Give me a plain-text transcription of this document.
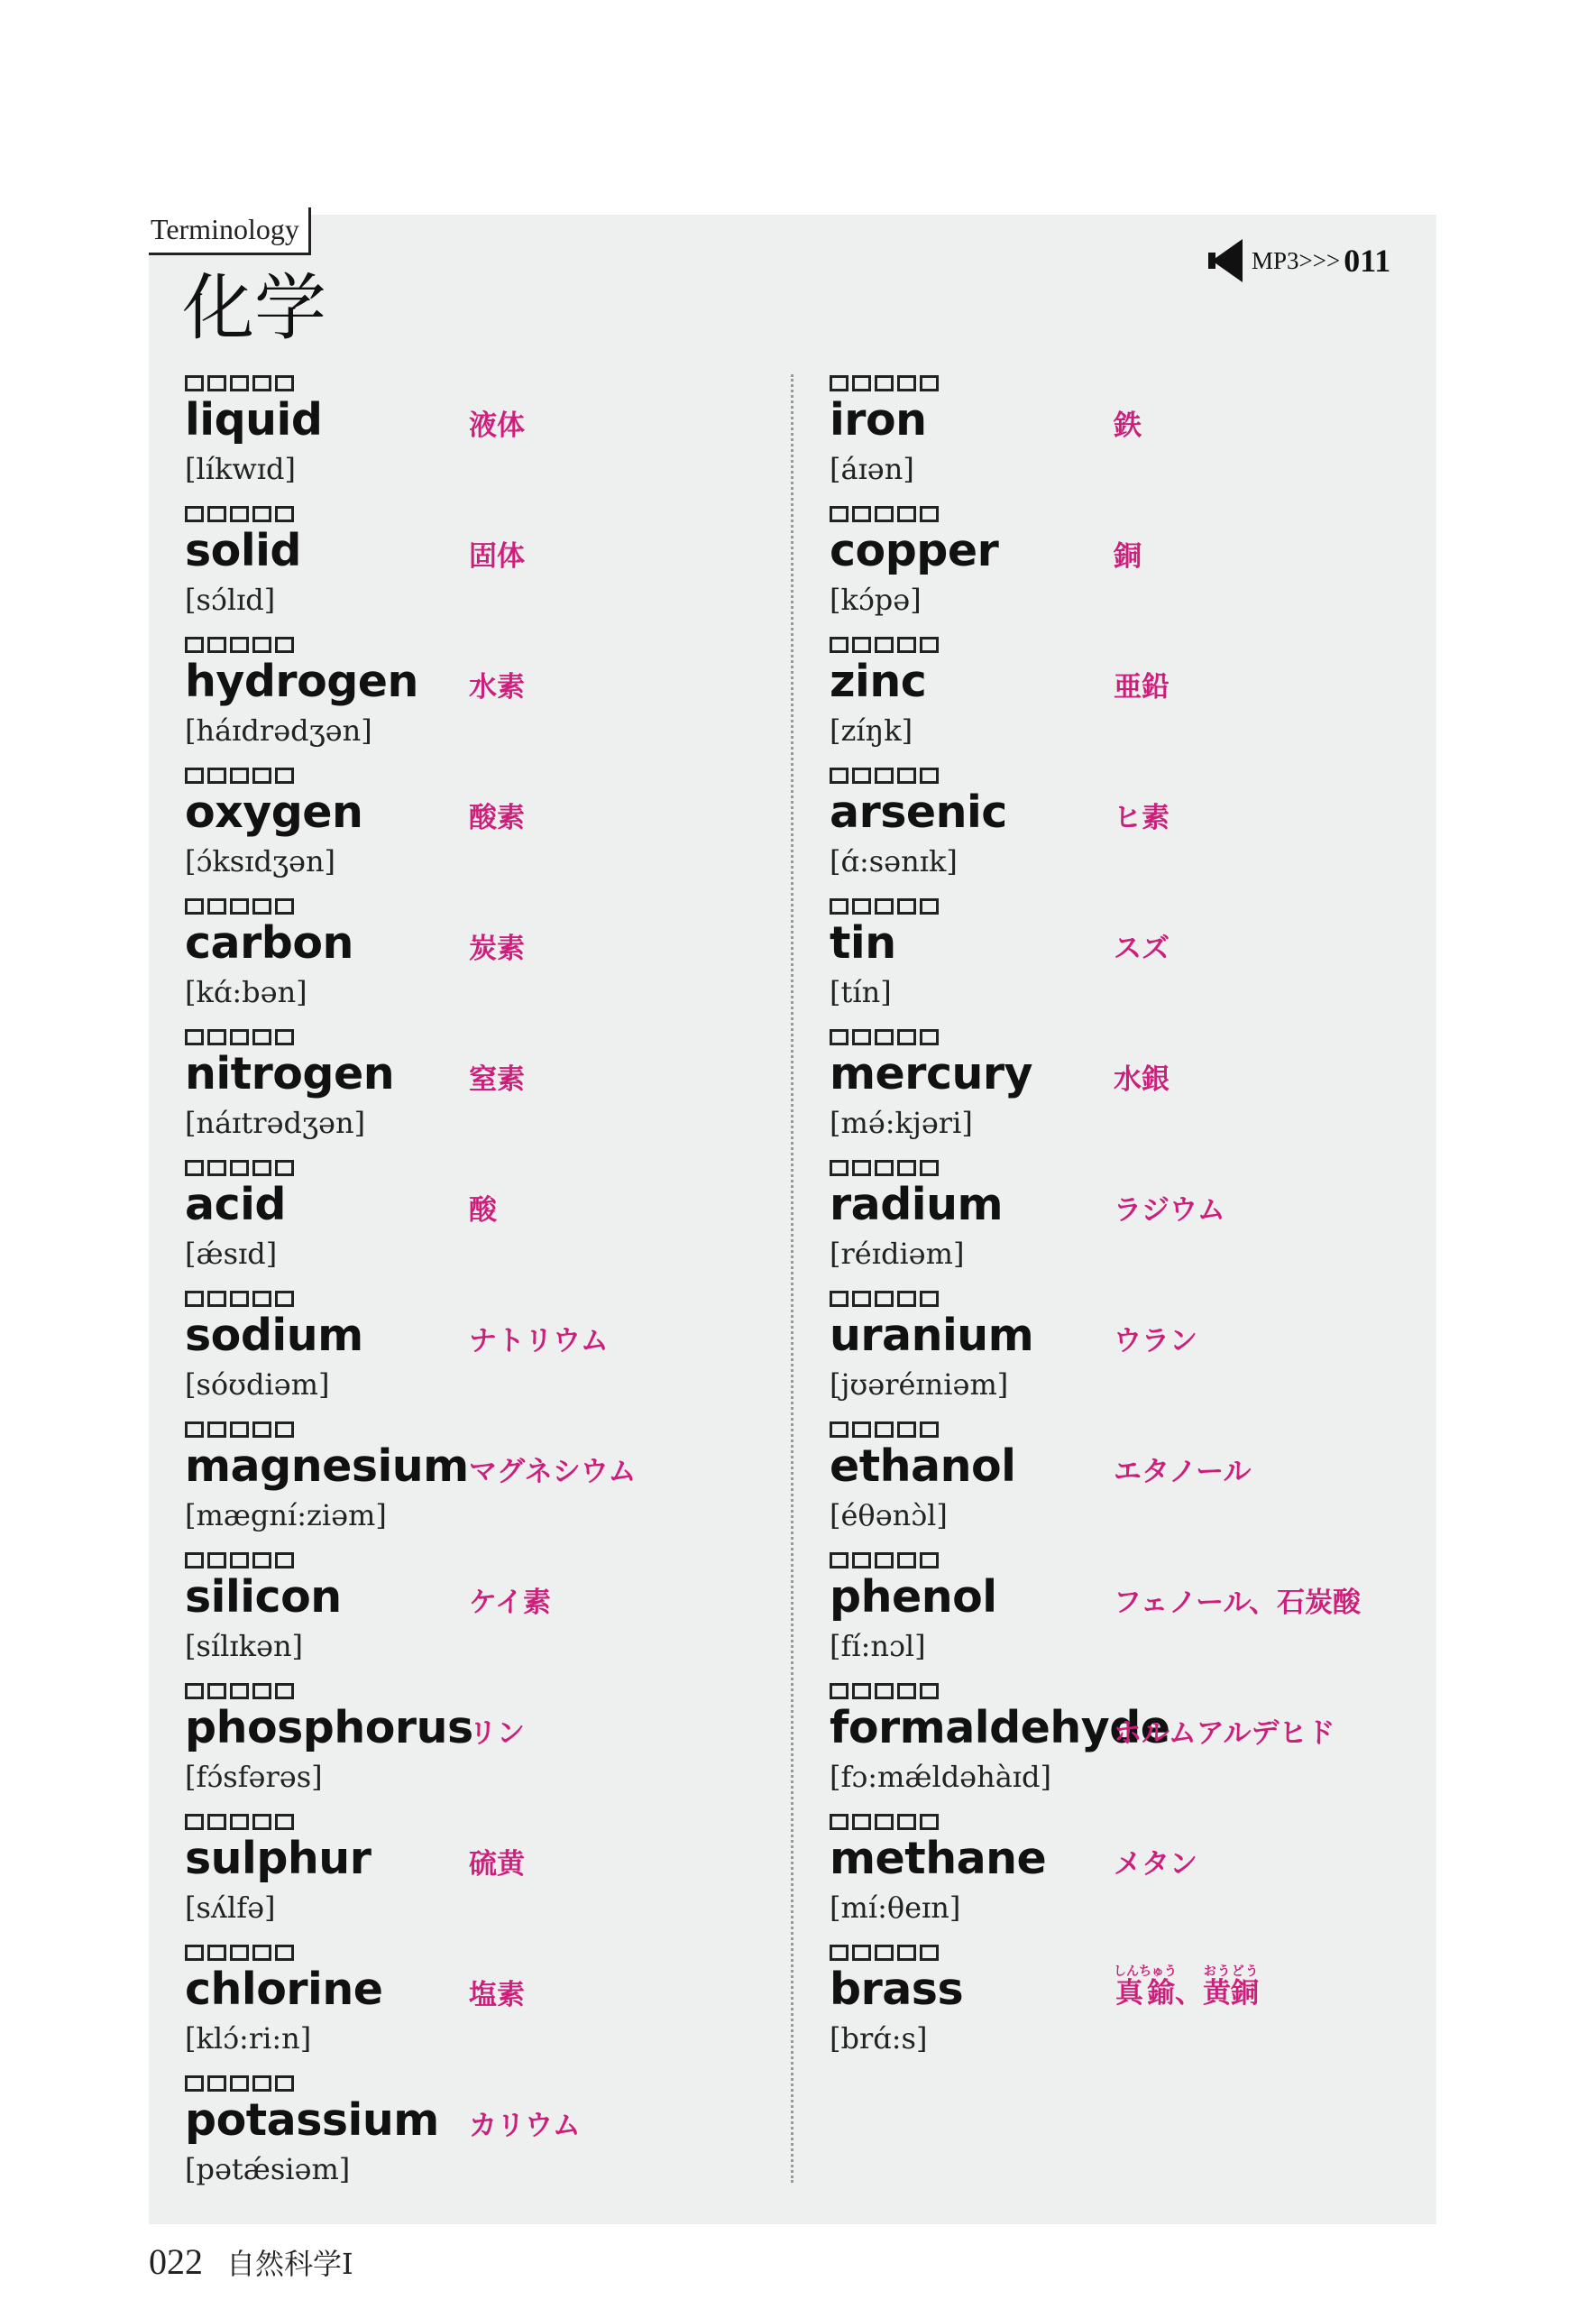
Terminology
化学
MP3>>> 011
liquid
[líkwɪd]
液体
solid
[sɔ́lɪd]
固体
hydrogen
[háɪdrədʒən]
水素
oxygen
[ɔ́ksɪdʒən]
酸素
carbon
[kɑ́:bən]
炭素
nitrogen
[náɪtrədʒən]
窒素
acid
[ǽsɪd]
酸
sodium
[sóʊdiəm]
ナトリウム
magnesium
[mægní:ziəm]
マグネシウム
silicon
[sílɪkən]
ケイ素
phosphorus
[fɔ́sfərəs]
リン
sulphur
[sʌ́lfə]
硫黄
chlorine
[klɔ́:ri:n]
塩素
potassium
[pətǽsiəm]
カリウム
iron
[áɪən]
鉄
copper
[kɔ́pə]
銅
zinc
[zíŋk]
亜鉛
arsenic
[ɑ́:sənɪk]
ヒ素
tin
[tín]
スズ
mercury
[mə́:kjəri]
水銀
radium
[réɪdiəm]
ラジウム
uranium
[jʊəréɪniəm]
ウラン
ethanol
[éθənɔ̀l]
エタノール
phenol
[fí:nɔl]
フェノール、石炭酸
formaldehyde
[fɔ:mǽldəhàɪd]
ホルムアルデヒド
methane
[mí:θeɪn]
メタン
brass
[brɑ́:s]
真鍮しんちゅう、黄銅おうどう
022 自然科学Ⅰ
